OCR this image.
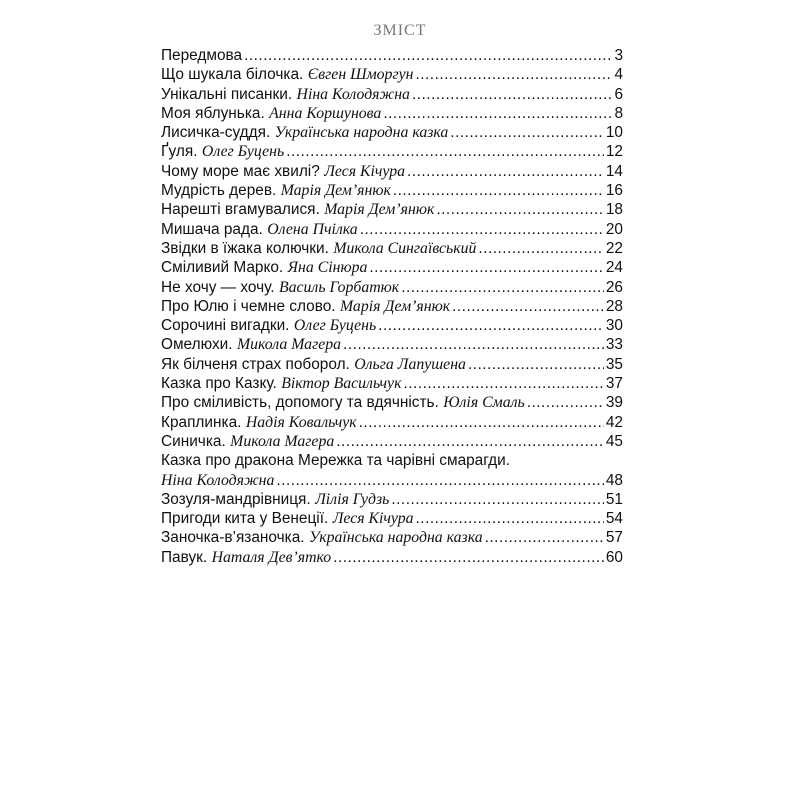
ЗМІСТ
Передмова .....	3
Що шукала білочка. Євген Шморгун .....	4
Унікальні писанки. Ніна Колодяжна .....	6
Моя яблунька. Анна Коршунова .....	8
Лисичка-суддя. Українська народна казка .....	10
Ґуля. Олег Буцень .....	12
Чому море має хвилі? Леся Кічура .....	14
Мудрість дерев. Марія Дем’янюк .....	16
Нарешті вгамувалися. Марія Дем’янюк .....	18
Мишача рада. Олена Пчілка .....	20
Звідки в їжака колючки. Микола Сингаївський .....	22
Сміливий Марко. Яна Сінюра .....	24
Не хочу — хочу. Василь Горбатюк .....	26
Про Юлю і чемне слово. Марія Дем’янюк .....	28
Сорочині вигадки. Олег Буцень .....	30
Омелюхи. Микола Магера .....	33
Як білченя страх поборол. Ольга Лапушена .....	35
Казка про Казку. Віктор Васильчук .....	37
Про сміливість, допомогу та вдячність. Юлія Смаль .....	39
Краплинка. Надія Ковальчук .....	42
Синичка. Микола Магера .....	45
Казка про дракона Мережка та чарівні смарагди.
Ніна Колодяжна .....	48
Зозуля-мандрівниця. Лілія Гудзь .....	51
Пригоди кита у Венеції. Леся Кічура .....	54
Заночка-в’язаночка. Українська народна казка .....	57
Павук. Наталя Дев’ятко .....	60
